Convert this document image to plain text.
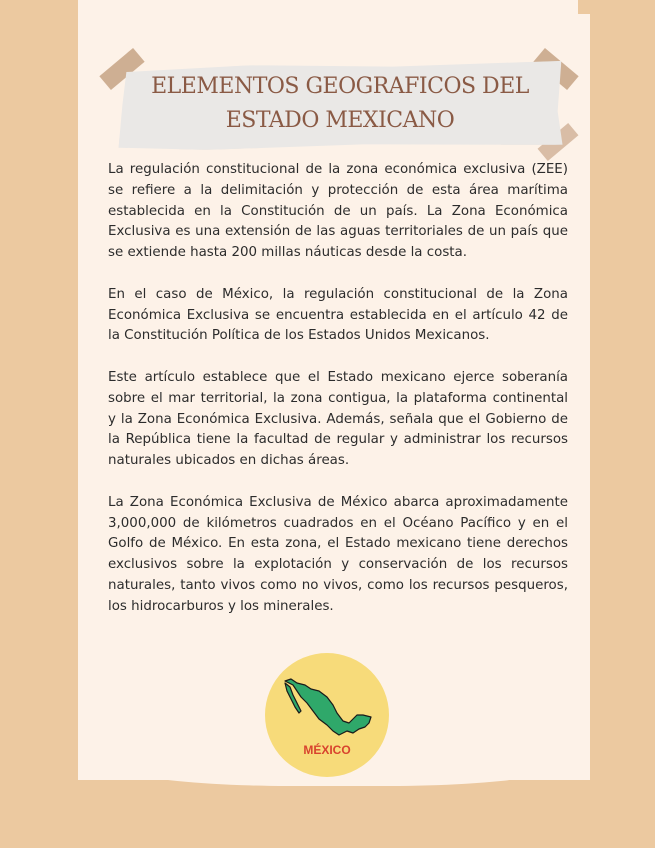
ELEMENTOS GEOGRAFICOS DEL
ESTADO MEXICANO

La regulación constitucional de la zona económica exclusiva (ZEE) se refiere a la delimitación y protección de esta área marítima establecida en la Constitución de un país. La Zona Económica Exclusiva es una extensión de las aguas territoriales de un país que se extiende hasta 200 millas náuticas desde la costa.

En el caso de México, la regulación constitucional de la Zona Económica Exclusiva se encuentra establecida en el artículo 42 de la Constitución Política de los Estados Unidos Mexicanos.

Este artículo establece que el Estado mexicano ejerce soberanía sobre el mar territorial, la zona contigua, la plataforma continental y la Zona Económica Exclusiva. Además, señala que el Gobierno de la República tiene la facultad de regular y administrar los recursos naturales ubicados en dichas áreas.

La Zona Económica Exclusiva de México abarca aproximadamente 3,000,000 de kilómetros cuadrados en el Océano Pacífico y en el Golfo de México. En esta zona, el Estado mexicano tiene derechos exclusivos sobre la explotación y conservación de los recursos naturales, tanto vivos como no vivos, como los recursos pesqueros, los hidrocarburos y los minerales.

MÉXICO
